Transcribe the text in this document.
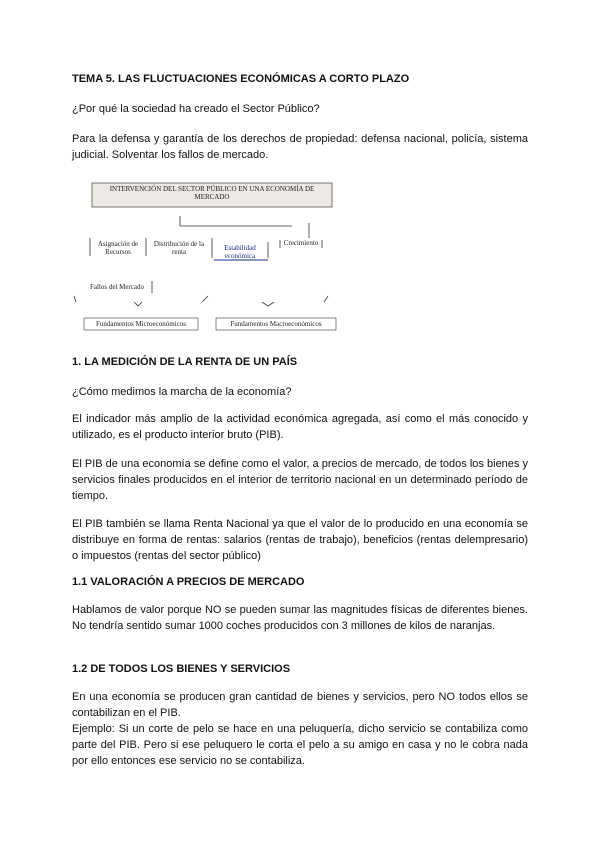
TEMA 5. LAS FLUCTUACIONES ECONÓMICAS A CORTO PLAZO

¿Por qué la sociedad ha creado el Sector Público?

Para la defensa y garantía de los derechos de propiedad: defensa nacional, policía, sistema judicial. Solventar los fallos de mercado.

INTERVENCIÓN DEL SECTOR PÚBLICO EN UNA ECONOMÍA DE MERCADO
Asignación de Recursos
Distribución de la renta	Estabilidad económica
Crecimiento
Fallos del Mercado
Fundamentos Microeconómicos	Fundamentos Macroeconómicos

1. LA MEDICIÓN DE LA RENTA DE UN PAÍS

¿Cómo medimos la marcha de la economía?

El indicador más amplio de la actividad económica agregada, así como el más conocido y utilizado, es el producto interior bruto (PIB).

El PIB de una economía se define como el valor, a precios de mercado, de todos los bienes y servicios finales producidos en el interior de territorio nacional en un determinado período de tiempo.

El PIB también se llama Renta Nacional ya que el valor de lo producido en una economía se distribuye en forma de rentas: salarios (rentas de trabajo), beneficios (rentas delempresario) o impuestos (rentas del sector público)

1.1 VALORACIÓN A PRECIOS DE MERCADO

Hablamos de valor porque NO se pueden sumar las magnitudes físicas de diferentes bienes. No tendría sentido sumar 1000 coches producidos con 3 millones de kilos de naranjas.

1.2 DE TODOS LOS BIENES Y SERVICIOS

En una economía se producen gran cantidad de bienes y servicios, pero NO todos ellos se contabilizan en el PIB.

Ejemplo: Si un corte de pelo se hace en una peluquería, dicho servicio se contabiliza como parte del PIB. Pero si ese peluquero le corta el pelo a su amigo en casa y no le cobra nada por ello entonces ese servicio no se contabiliza.
